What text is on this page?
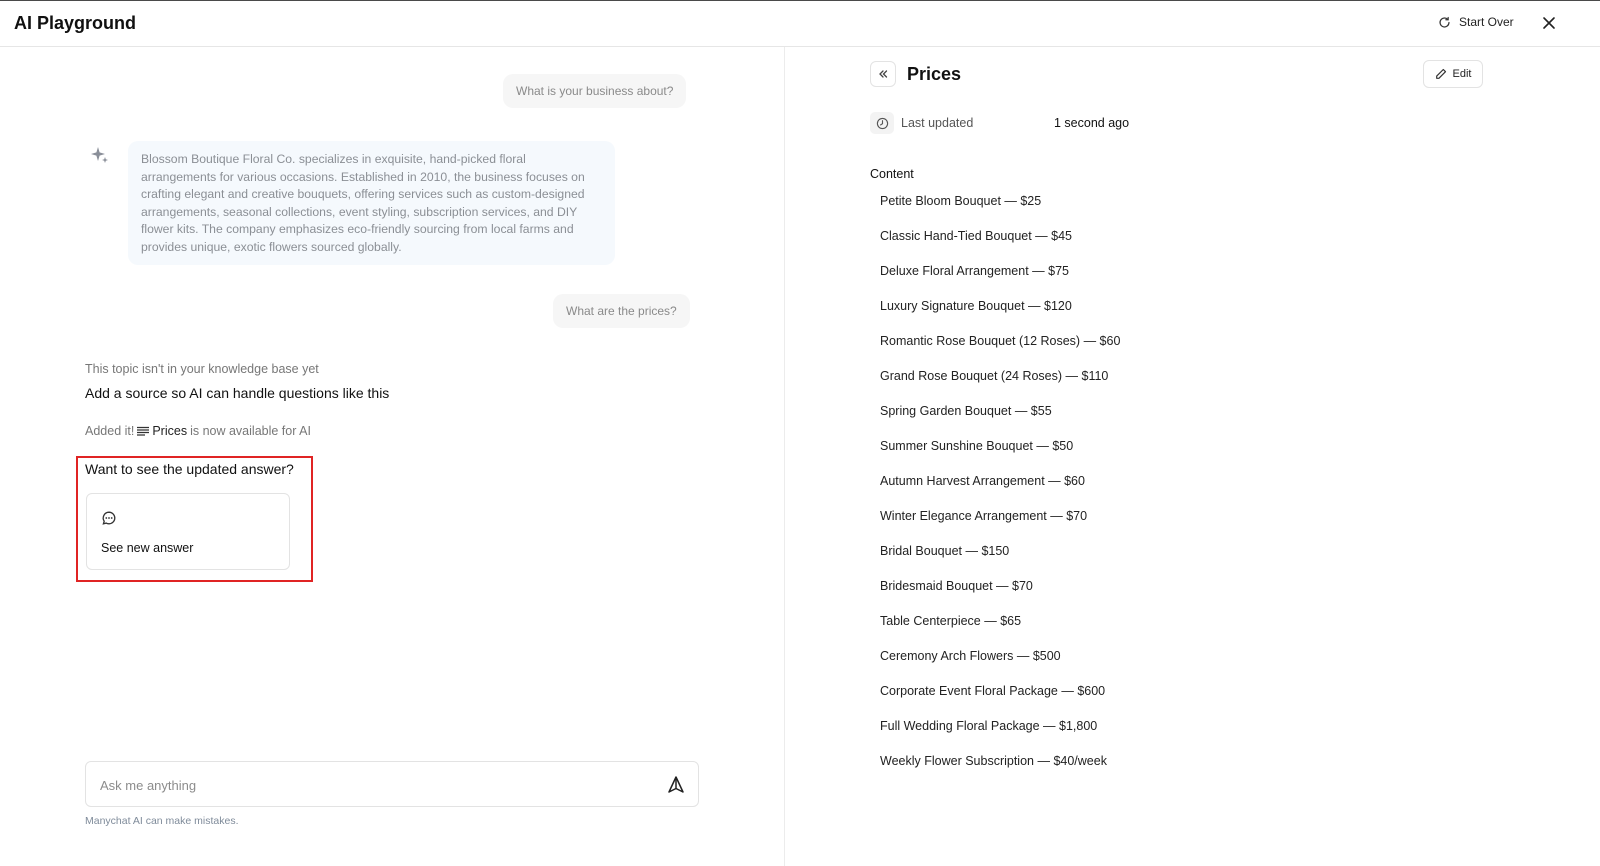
AI Playground	Start Over
What is your business about?
Blossom Boutique Floral Co. specializes in exquisite, hand-picked floral arrangements for various occasions. Established in 2010, the business focuses on crafting elegant and creative bouquets, offering services such as custom-designed arrangements, seasonal collections, event styling, subscription services, and DIY flower kits. The company emphasizes eco-friendly sourcing from local farms and provides unique, exotic flowers sourced globally.
What are the prices?
This topic isn't in your knowledge base yet
Add a source so AI can handle questions like this
Added it! Prices is now available for AI
Want to see the updated answer?
See new answer
Ask me anything
Manychat AI can make mistakes.
Prices	Edit
Last updated	1 second ago
Content
Petite Bloom Bouquet — $25
Classic Hand-Tied Bouquet — $45
Deluxe Floral Arrangement — $75
Luxury Signature Bouquet — $120
Romantic Rose Bouquet (12 Roses) — $60
Grand Rose Bouquet (24 Roses) — $110
Spring Garden Bouquet — $55
Summer Sunshine Bouquet — $50
Autumn Harvest Arrangement — $60
Winter Elegance Arrangement — $70
Bridal Bouquet — $150
Bridesmaid Bouquet — $70
Table Centerpiece — $65
Ceremony Arch Flowers — $500
Corporate Event Floral Package — $600
Full Wedding Floral Package — $1,800
Weekly Flower Subscription — $40/week
